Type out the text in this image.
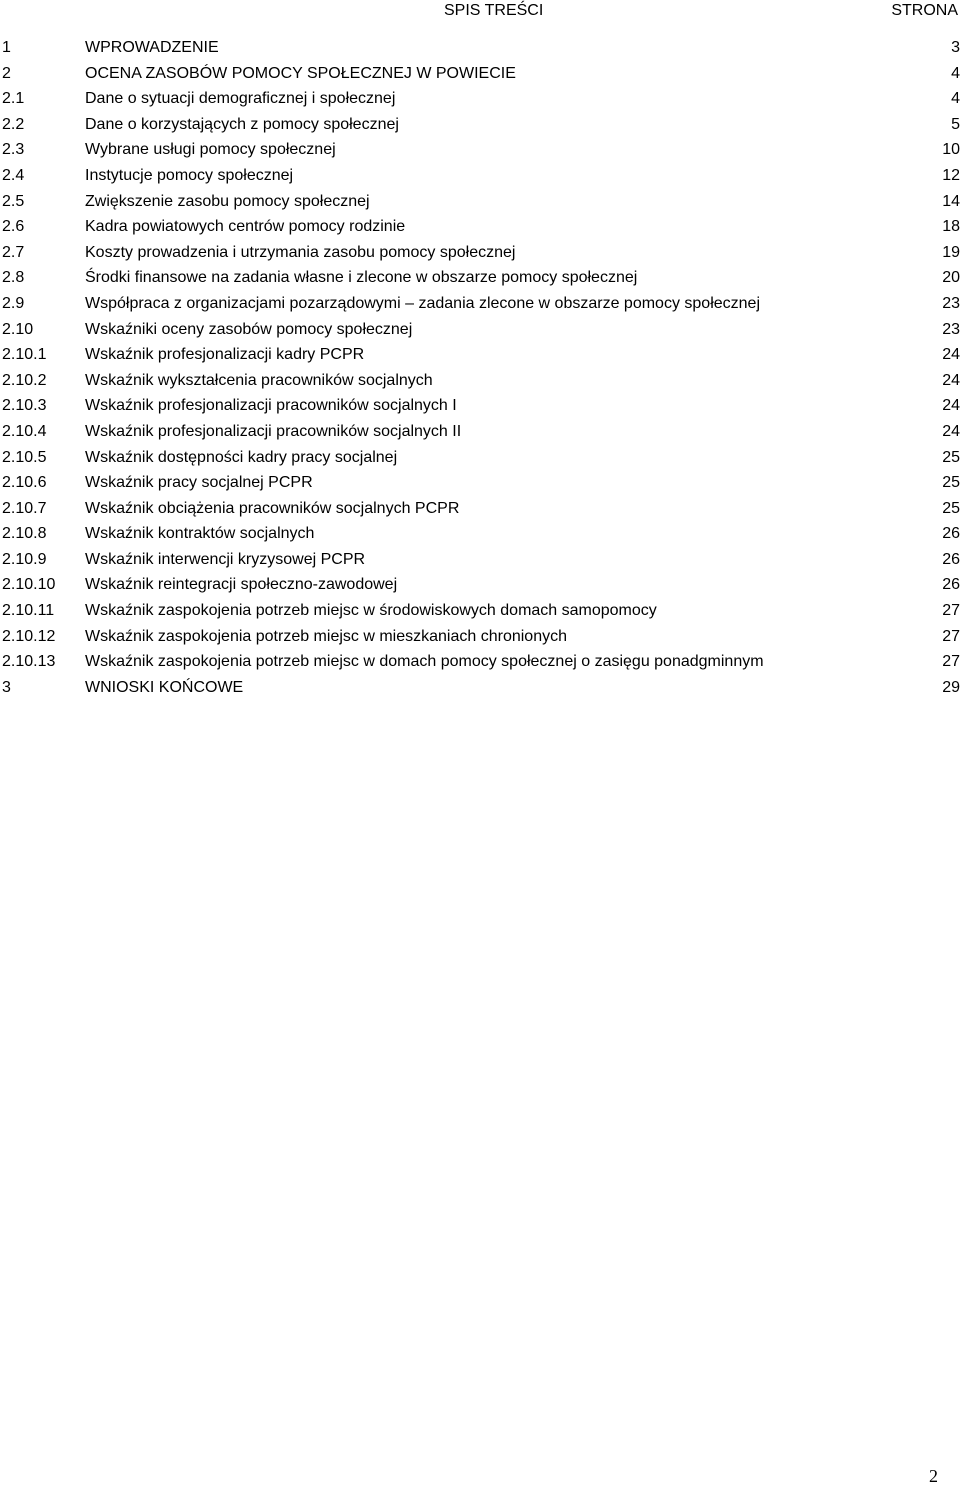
SPIS TREŚCI	STRONA
1	WPROWADZENIE	3
2	OCENA ZASOBÓW POMOCY SPOŁECZNEJ W POWIECIE	4
2.1	Dane o sytuacji demograficznej i społecznej	4
2.2	Dane o korzystających z pomocy społecznej	5
2.3	Wybrane usługi pomocy społecznej	10
2.4	Instytucje pomocy społecznej	12
2.5	Zwiększenie zasobu pomocy społecznej	14
2.6	Kadra powiatowych centrów pomocy rodzinie	18
2.7	Koszty prowadzenia i utrzymania zasobu pomocy społecznej	19
2.8	Środki finansowe na zadania własne i zlecone w obszarze pomocy społecznej	20
2.9	Współpraca z organizacjami pozarządowymi – zadania zlecone w obszarze pomocy społecznej	23
2.10	Wskaźniki oceny zasobów pomocy społecznej	23
2.10.1 Wskaźnik profesjonalizacji kadry PCPR	24
2.10.2 Wskaźnik wykształcenia pracowników socjalnych	24
2.10.3 Wskaźnik profesjonalizacji pracowników socjalnych I	24
2.10.4 Wskaźnik profesjonalizacji pracowników socjalnych II	24
2.10.5 Wskaźnik dostępności kadry pracy socjalnej	25
2.10.6 Wskaźnik pracy socjalnej PCPR	25
2.10.7 Wskaźnik obciążenia pracowników socjalnych PCPR	25
2.10.8 Wskaźnik kontraktów socjalnych	26
2.10.9 Wskaźnik interwencji kryzysowej PCPR	26
2.10.10 Wskaźnik reintegracji społeczno-zawodowej	26
2.10.11 Wskaźnik zaspokojenia potrzeb miejsc w środowiskowych domach samopomocy	27
2.10.12 Wskaźnik zaspokojenia potrzeb miejsc w mieszkaniach chronionych	27
2.10.13 Wskaźnik zaspokojenia potrzeb miejsc w domach pomocy społecznej o zasięgu ponadgminnym	27
3	WNIOSKI KOŃCOWE	29
2
